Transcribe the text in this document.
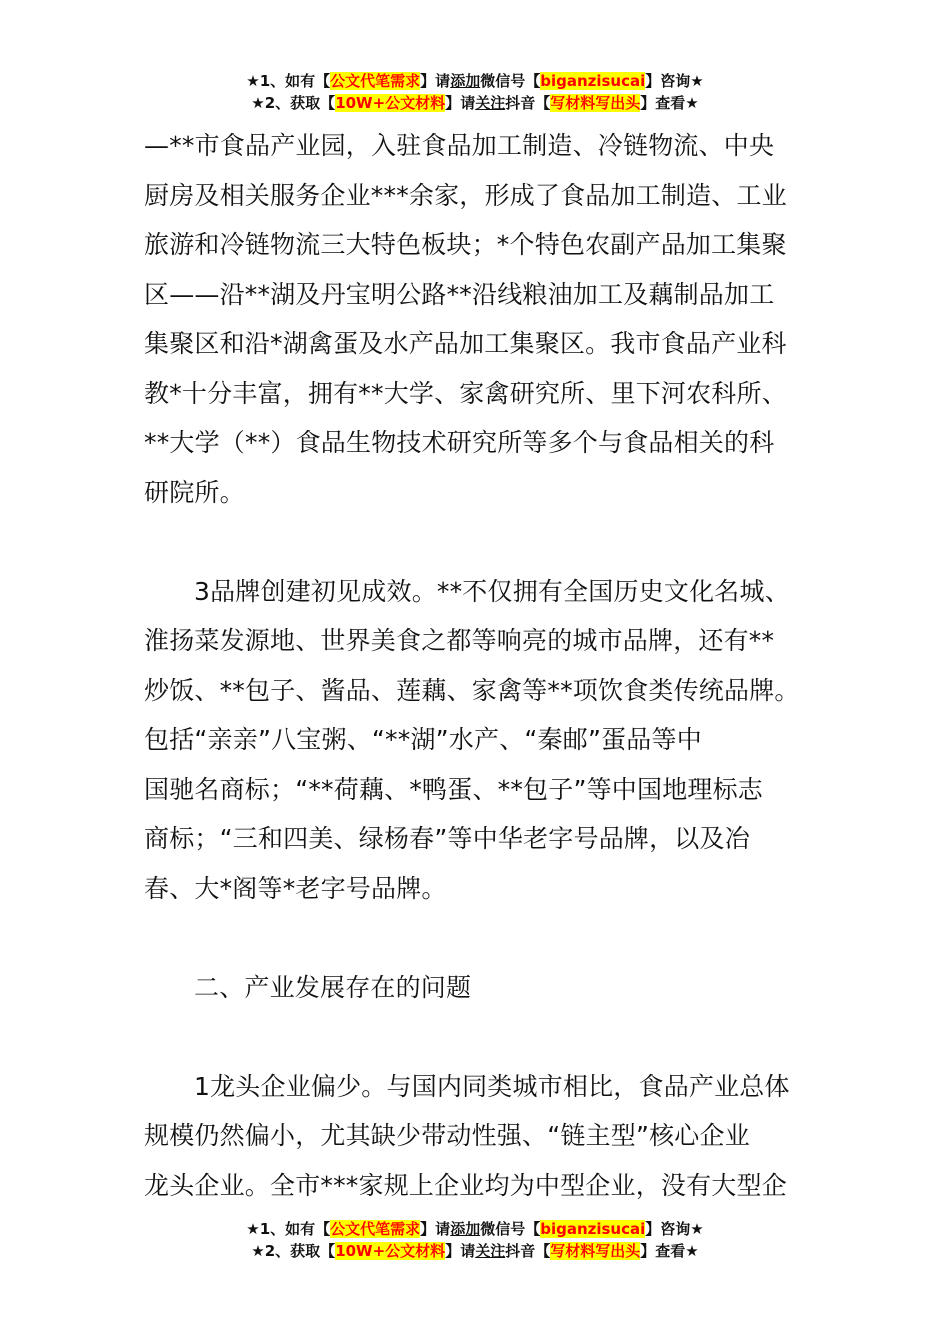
★1、如有【公文代笔需求】请添加微信号【biganzisucai】咨询★
★2、获取【10W+公文材料】请关注抖音【写材料写出头】查看★

—**市食品产业园，入驻食品加工制造、冷链物流、中央

厨房及相关服务企业***余家，形成了食品加工制造、工业

旅游和冷链物流三大特色板块；*个特色农副产品加工集聚

区——沿**湖及丹宝明公路**沿线粮油加工及藕制品加工

集聚区和沿*湖禽蛋及水产品加工集聚区。我市食品产业科

教*十分丰富，拥有**大学、家禽研究所、里下河农科所、

**大学（**）食品生物技术研究所等多个与食品相关的科

研院所。

3品牌创建初见成效。**不仅拥有全国历史文化名城、

淮扬菜发源地、世界美食之都等响亮的城市品牌，还有**

炒饭、**包子、酱品、莲藕、家禽等**项饮食类传统品牌。

包括“亲亲”八宝粥、“**湖”水产、“秦邮”蛋品等中

国驰名商标；“**荷藕、*鸭蛋、**包子”等中国地理标志

商标；“三和四美、绿杨春”等中华老字号品牌，以及冶

春、大*阁等*老字号品牌。

二、产业发展存在的问题

1龙头企业偏少。与国内同类城市相比，食品产业总体

规模仍然偏小，尤其缺少带动性强、“链主型”核心企业

龙头企业。全市***家规上企业均为中型企业，没有大型企

★1、如有【公文代笔需求】请添加微信号【biganzisucai】咨询★
★2、获取【10W+公文材料】请关注抖音【写材料写出头】查看★
